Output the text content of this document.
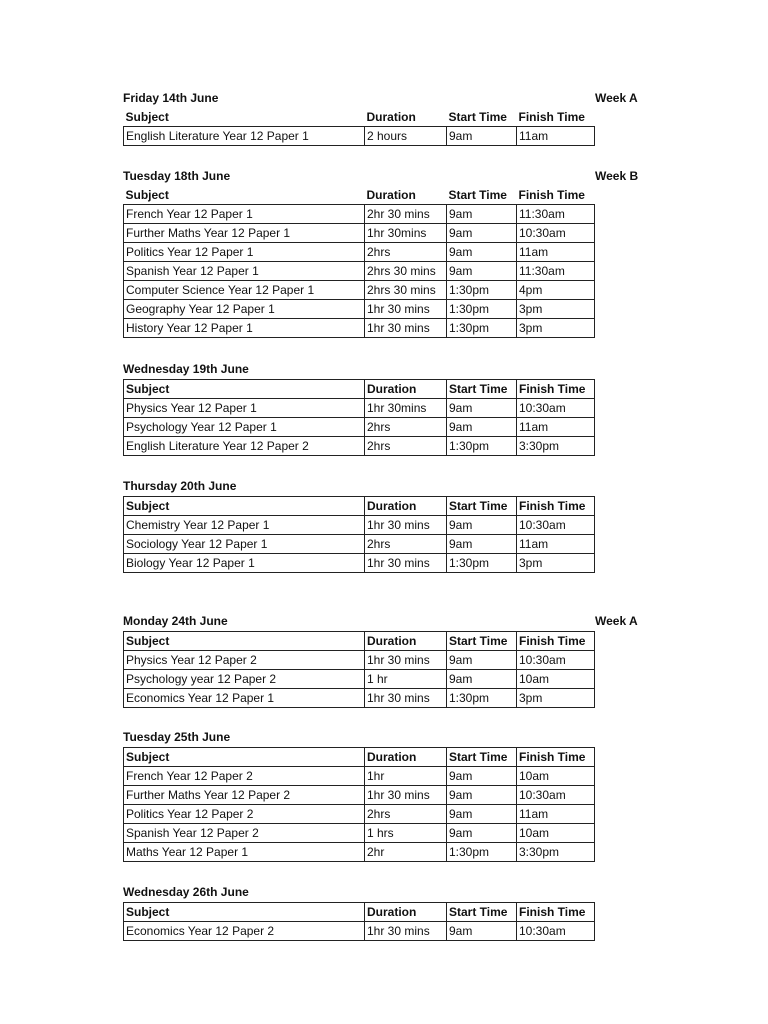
Friday 14th June	Week A
Subject	Duration	Start Time	Finish Time
English Literature Year 12 Paper 1	2 hours	9am	11am
Tuesday 18th June	Week B
Subject	Duration	Start Time	Finish Time
French Year 12 Paper 1	2hr 30 mins	9am	11:30am
Further Maths Year 12 Paper 1	1hr 30mins	9am	10:30am
Politics Year 12 Paper 1	2hrs	9am	11am
Spanish Year 12 Paper 1	2hrs 30 mins	9am	11:30am
Computer Science Year 12 Paper 1	2hrs 30 mins	1:30pm	4pm
Geography Year 12 Paper 1	1hr 30 mins	1:30pm	3pm
History Year 12 Paper 1	1hr 30 mins	1:30pm	3pm
Wednesday 19th June
Subject	Duration	Start Time	Finish Time
Physics Year 12 Paper 1	1hr 30mins	9am	10:30am
Psychology Year 12 Paper 1	2hrs	9am	11am
English Literature Year 12 Paper 2	2hrs	1:30pm	3:30pm
Thursday 20th June
Subject	Duration	Start Time	Finish Time
Chemistry Year 12 Paper 1	1hr 30 mins	9am	10:30am
Sociology Year 12 Paper 1	2hrs	9am	11am
Biology Year 12 Paper 1	1hr 30 mins	1:30pm	3pm
Monday 24th June	Week A
Subject	Duration	Start Time	Finish Time
Physics Year 12 Paper 2	1hr 30 mins	9am	10:30am
Psychology year 12 Paper 2	1 hr	9am	10am
Economics Year 12 Paper 1	1hr 30 mins	1:30pm	3pm
Tuesday 25th June
Subject	Duration	Start Time	Finish Time
French Year 12 Paper 2	1hr	9am	10am
Further Maths Year 12 Paper 2	1hr 30 mins	9am	10:30am
Politics Year 12 Paper 2	2hrs	9am	11am
Spanish Year 12 Paper 2	1 hrs	9am	10am
Maths Year 12 Paper 1	2hr	1:30pm	3:30pm
Wednesday 26th June
Subject	Duration	Start Time	Finish Time
Economics Year 12 Paper 2	1hr 30 mins	9am	10:30am
